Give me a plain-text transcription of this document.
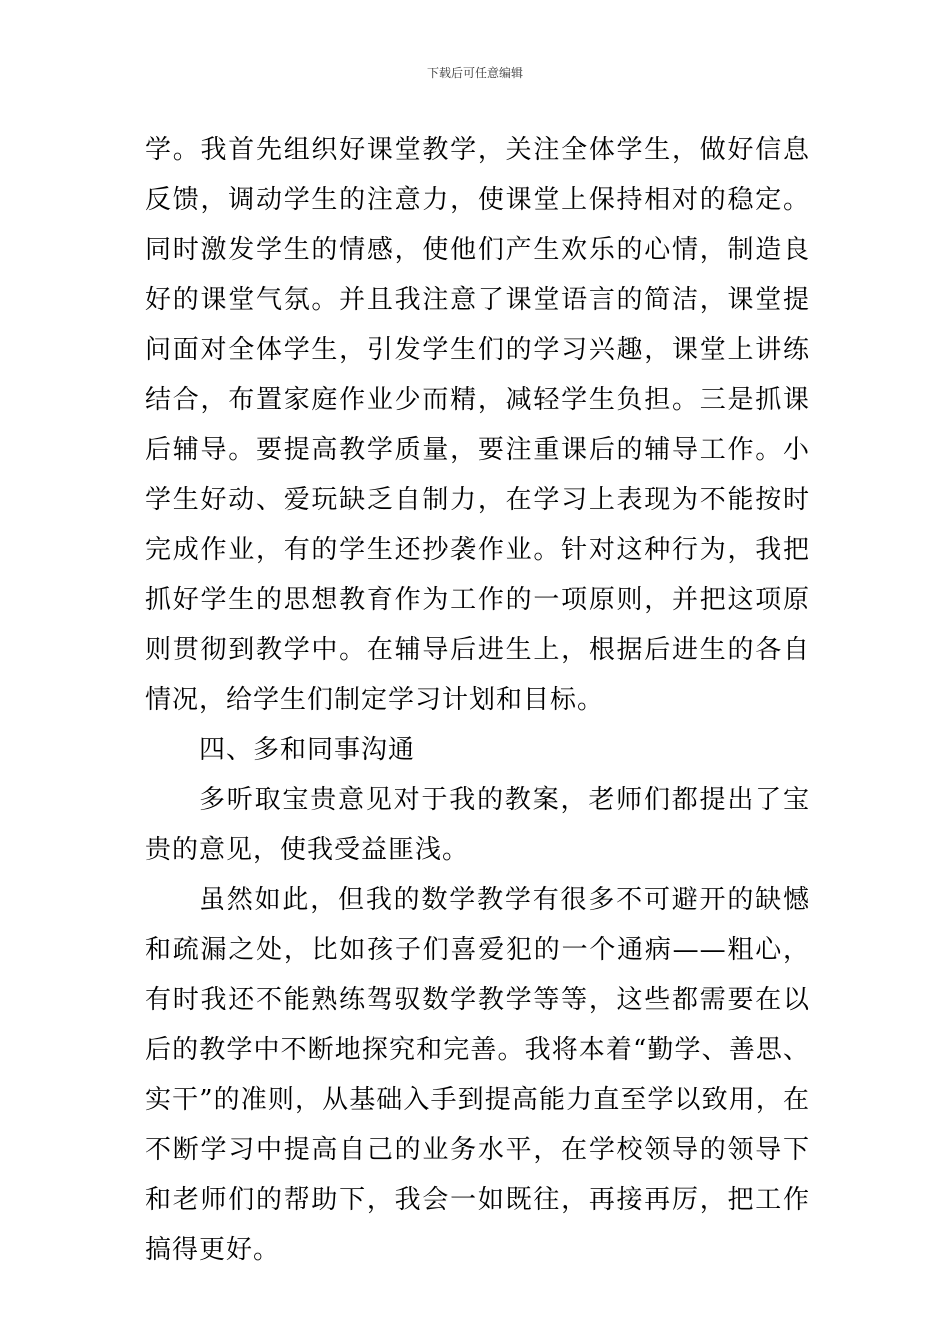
下载后可任意编辑

学。我首先组织好课堂教学，关注全体学生，做好信息反馈，调动学生的注意力，使课堂上保持相对的稳定。同时激发学生的情感，使他们产生欢乐的心情，制造良好的课堂气氛。并且我注意了课堂语言的简洁，课堂提问面对全体学生，引发学生们的学习兴趣，课堂上讲练结合，布置家庭作业少而精，减轻学生负担。三是抓课后辅导。要提高教学质量，要注重课后的辅导工作。小学生好动、爱玩缺乏自制力，在学习上表现为不能按时完成作业，有的学生还抄袭作业。针对这种行为，我把抓好学生的思想教育作为工作的一项原则，并把这项原则贯彻到教学中。在辅导后进生上，根据后进生的各自情况，给学生们制定学习计划和目标。

四、多和同事沟通

多听取宝贵意见对于我的教案，老师们都提出了宝贵的意见，使我受益匪浅。

虽然如此，但我的数学教学有很多不可避开的缺憾和疏漏之处，比如孩子们喜爱犯的一个通病——粗心，有时我还不能熟练驾驭数学教学等等，这些都需要在以后的教学中不断地探究和完善。我将本着“勤学、善思、实干”的准则，从基础入手到提高能力直至学以致用，在不断学习中提高自己的业务水平，在学校领导的领导下和老师们的帮助下，我会一如既往，再接再厉，把工作搞得更好。
